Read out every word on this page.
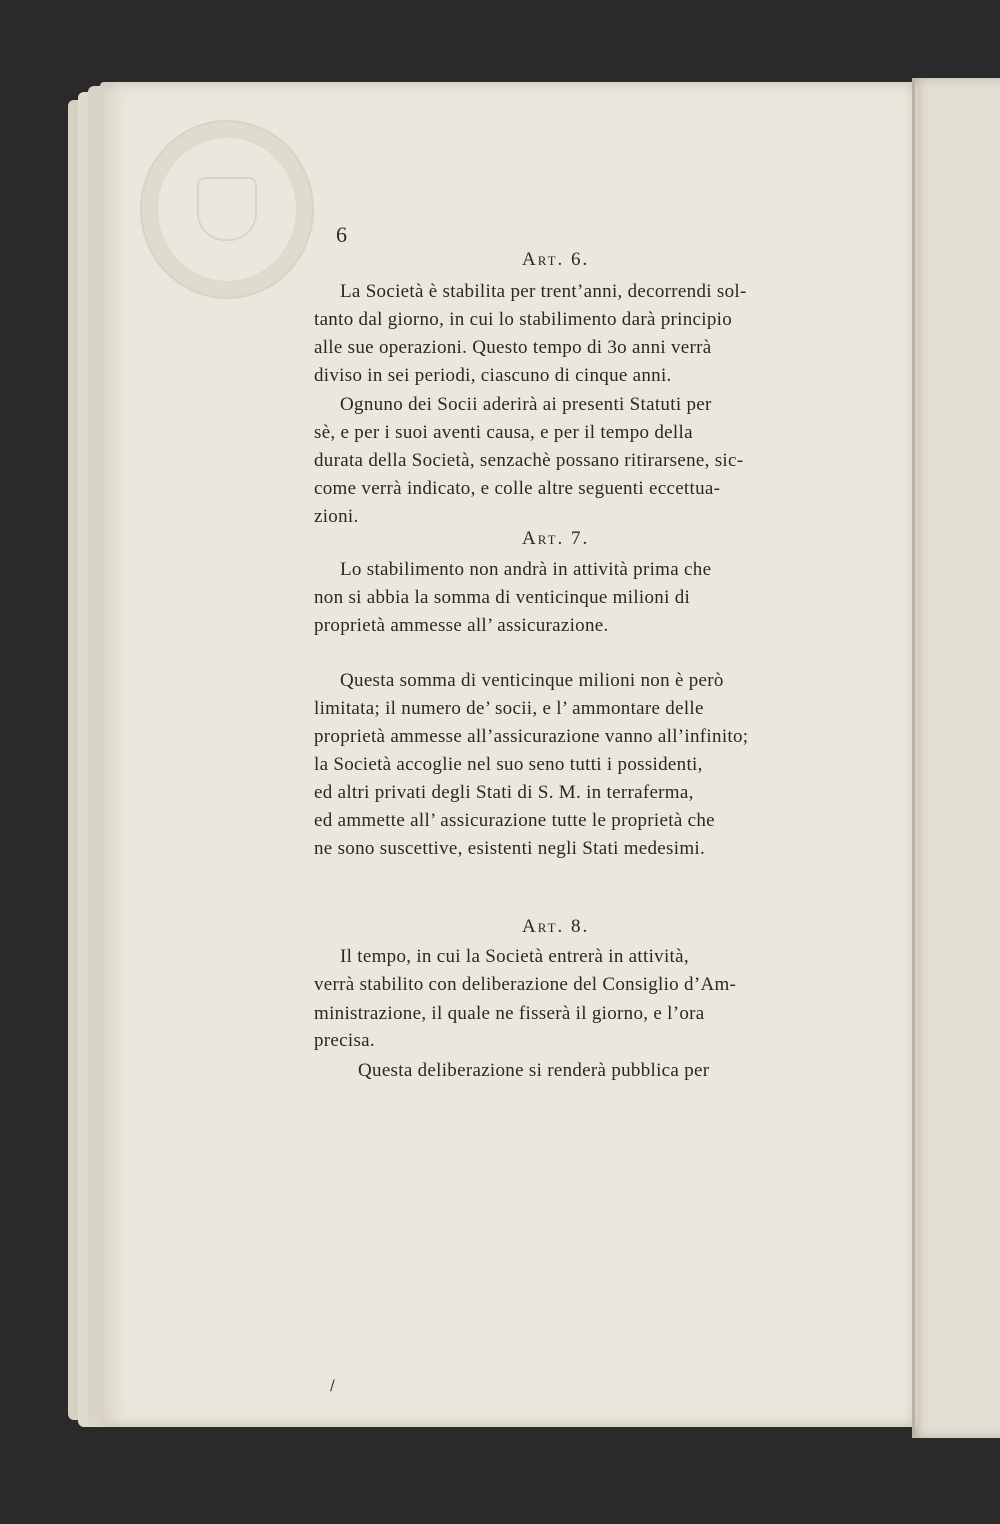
6
Art. 6.
La Società è stabilita per trent’anni, decorrendi sol-
tanto dal giorno, in cui lo stabilimento darà principio
alle sue operazioni. Questo tempo di 3o anni verrà
diviso in sei periodi, ciascuno di cinque anni.
Ognuno dei Socii aderirà ai presenti Statuti per
sè, e per i suoi aventi causa, e per il tempo della
durata della Società, senzachè possano ritirarsene, sic-
come verrà indicato, e colle altre seguenti eccettua-
zioni.
Art. 7.
Lo stabilimento non andrà in attività prima che
non si abbia la somma di venticinque milioni di
proprietà ammesse all’ assicurazione.
Questa somma di venticinque milioni non è però
limitata; il numero de’ socii, e l’ ammontare delle
proprietà ammesse all’assicurazione vanno all’infinito;
la Società accoglie nel suo seno tutti i possidenti,
ed altri privati degli Stati di S. M. in terraferma,
ed ammette all’ assicurazione tutte le proprietà che
ne sono suscettive, esistenti negli Stati medesimi.
Art. 8.
Il tempo, in cui la Società entrerà in attività,
verrà stabilito con deliberazione del Consiglio d’Am-
ministrazione, il quale ne fisserà il giorno, e l’ora
precisa.
Questa deliberazione si renderà pubblica per
/
